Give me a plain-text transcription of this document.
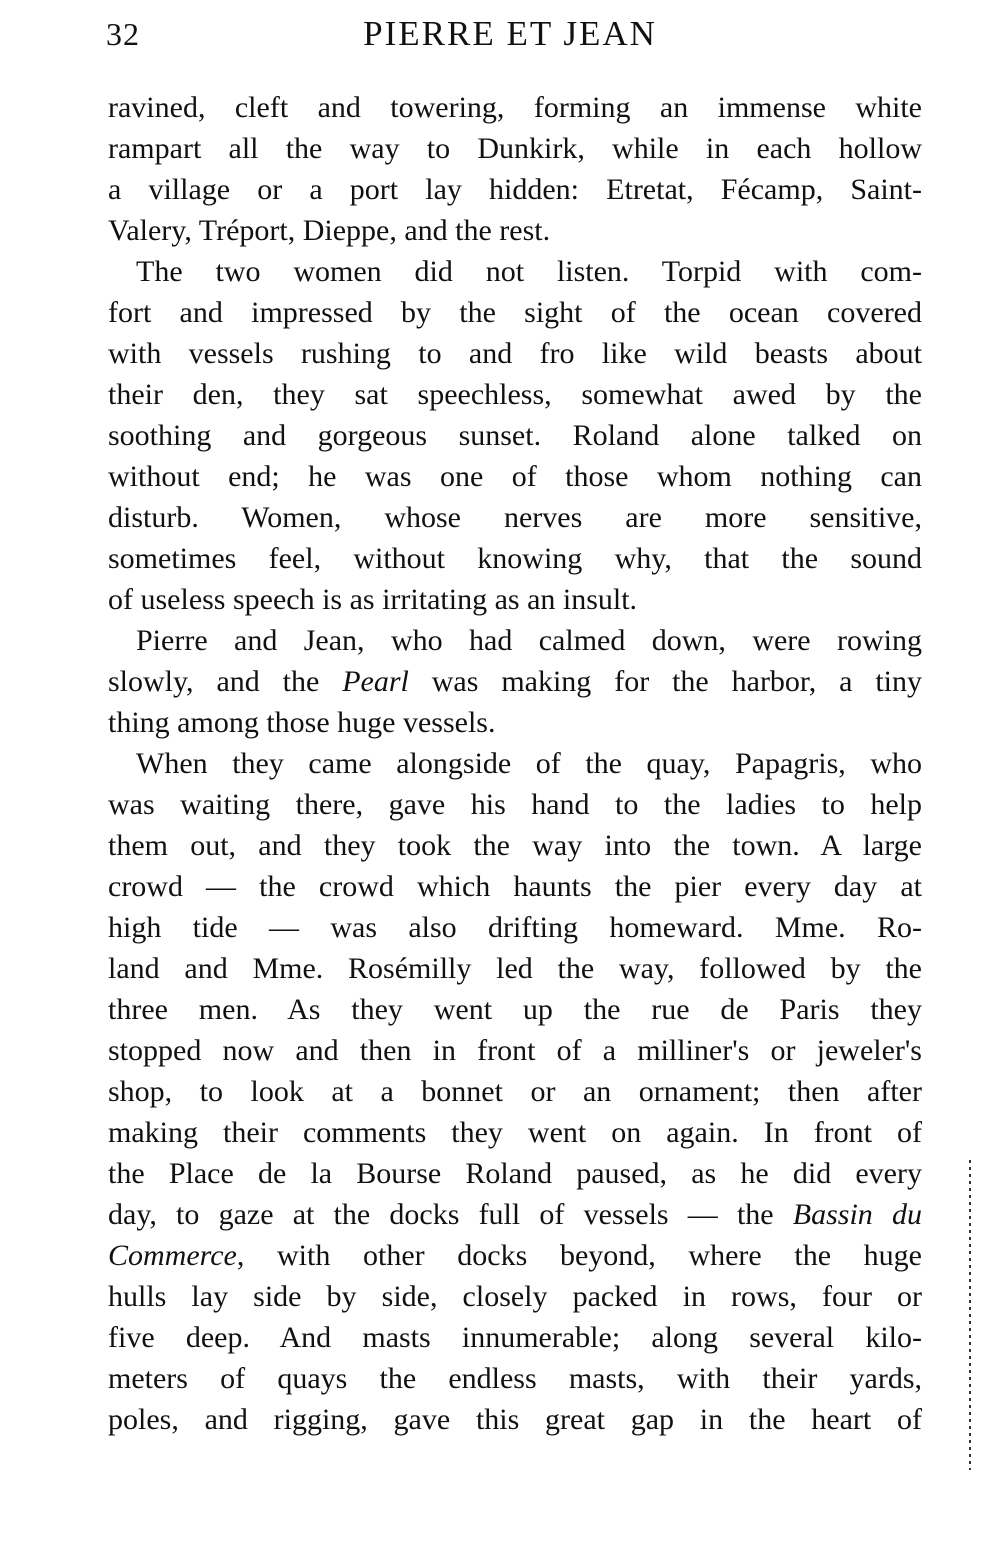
32	PIERRE ET JEAN
ravined, cleft and towering, forming an immense white
rampart all the way to Dunkirk, while in each hollow
a village or a port lay hidden: Etretat, Fécamp, Saint-
Valery, Tréport, Dieppe, and the rest.
The two women did not listen. Torpid with com-
fort and impressed by the sight of the ocean covered
with vessels rushing to and fro like wild beasts about
their den, they sat speechless, somewhat awed by the
soothing and gorgeous sunset. Roland alone talked on
without end; he was one of those whom nothing can
disturb. Women, whose nerves are more sensitive,
sometimes feel, without knowing why, that the sound
of useless speech is as irritating as an insult.
Pierre and Jean, who had calmed down, were rowing
slowly, and the Pearl was making for the harbor, a tiny
thing among those huge vessels.
When they came alongside of the quay, Papagris, who
was waiting there, gave his hand to the ladies to help
them out, and they took the way into the town. A large
crowd — the crowd which haunts the pier every day at
high tide — was also drifting homeward. Mme. Ro-
land and Mme. Rosémilly led the way, followed by the
three men. As they went up the rue de Paris they
stopped now and then in front of a milliner's or jeweler's
shop, to look at a bonnet or an ornament; then after
making their comments they went on again. In front of
the Place de la Bourse Roland paused, as he did every
day, to gaze at the docks full of vessels — the Bassin du
Commerce, with other docks beyond, where the huge
hulls lay side by side, closely packed in rows, four or
five deep. And masts innumerable; along several kilo-
meters of quays the endless masts, with their yards,
poles, and rigging, gave this great gap in the heart of
